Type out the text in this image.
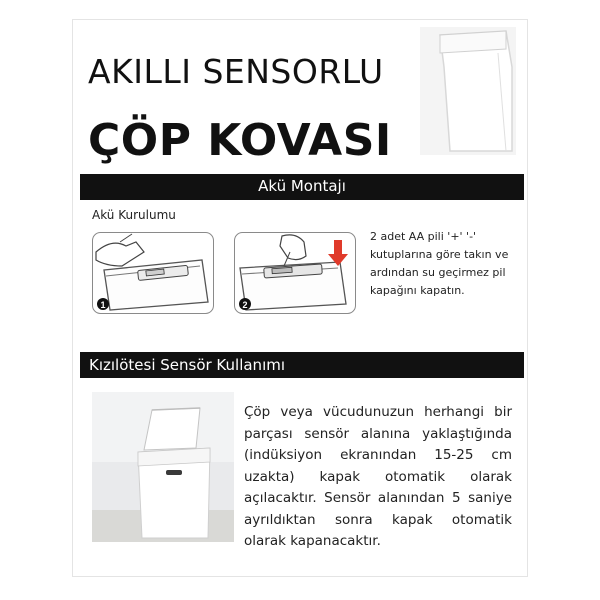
AKILLI SENSORLU
ÇÖP KOVASI
Akü Montajı
Akü Kurulumu
1	2
2 adet AA pili '+' '-' kutuplarına göre takın ve ardından su geçirmez pil kapağını kapatın.
Kızılötesi Sensör Kullanımı
Çöp veya vücudunuzun herhangi bir parçası sensör alanına yaklaştığında (indüksiyon ekranından 15-25 cm uzakta) kapak otomatik olarak açılacaktır. Sensör alanından 5 saniye ayrıldıktan sonra kapak otomatik olarak kapanacaktır.
